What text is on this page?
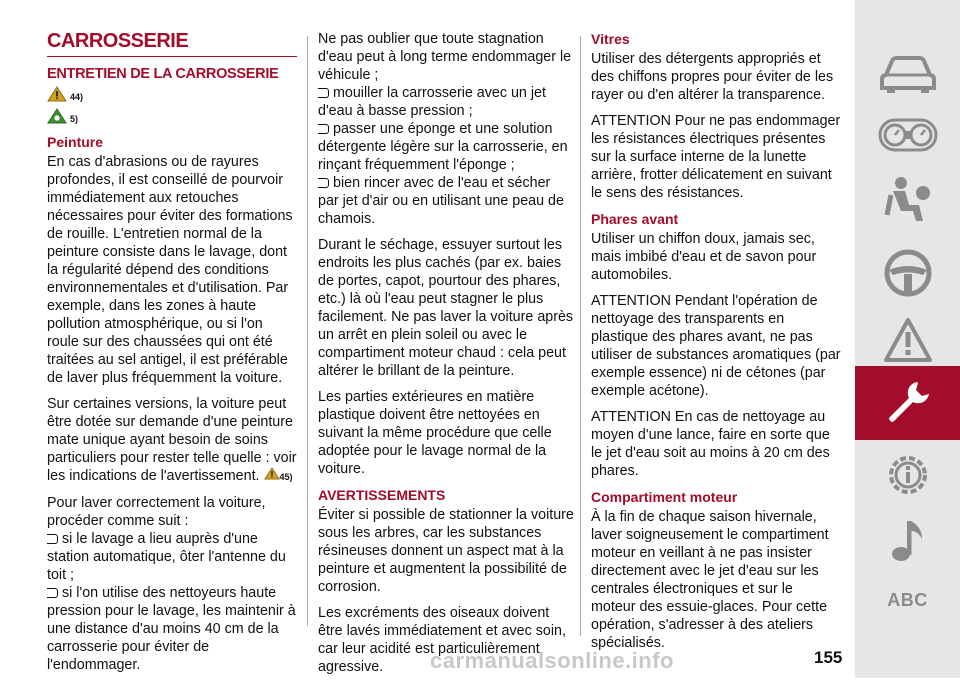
CARROSSERIE
ENTRETIEN DE LA CARROSSERIE
44)
5)
Peinture

En cas d'abrasions ou de rayures profondes, il est conseillé de pourvoir immédiatement aux retouches nécessaires pour éviter des formations de rouille. L'entretien normal de la peinture consiste dans le lavage, dont la régularité dépend des conditions environnementales et d'utilisation. Par exemple, dans les zones à haute pollution atmosphérique, ou si l'on roule sur des chaussées qui ont été traitées au sel antigel, il est préférable de laver plus fréquemment la voiture.

Sur certaines versions, la voiture peut être dotée sur demande d'une peinture mate unique ayant besoin de soins particuliers pour rester telle quelle : voir les indications de l'avertissement. 45)

Pour laver correctement la voiture, procéder comme suit :

si le lavage a lieu auprès d'une station automatique, ôter l'antenne du toit ;
si l'on utilise des nettoyeurs haute pression pour le lavage, les maintenir à une distance d'au moins 40 cm de la carrosserie pour éviter de l'endommager.

Ne pas oublier que toute stagnation d'eau peut à long terme endommager le véhicule ;

mouiller la carrosserie avec un jet d'eau à basse pression ;
passer une éponge et une solution détergente légère sur la carrosserie, en rinçant fréquemment l'éponge ;
bien rincer avec de l'eau et sécher par jet d'air ou en utilisant une peau de chamois.

Durant le séchage, essuyer surtout les endroits les plus cachés (par ex. baies de portes, capot, pourtour des phares, etc.) là où l'eau peut stagner le plus facilement. Ne pas laver la voiture après un arrêt en plein soleil ou avec le compartiment moteur chaud : cela peut altérer le brillant de la peinture.

Les parties extérieures en matière plastique doivent être nettoyées en suivant la même procédure que celle adoptée pour le lavage normal de la voiture.

AVERTISSEMENTS

Éviter si possible de stationner la voiture sous les arbres, car les substances résineuses donnent un aspect mat à la peinture et augmentent la possibilité de corrosion.

Les excréments des oiseaux doivent être lavés immédiatement et avec soin, car leur acidité est particulièrement agressive.

Vitres

Utiliser des détergents appropriés et des chiffons propres pour éviter de les rayer ou d'en altérer la transparence.

ATTENTION Pour ne pas endommager les résistances électriques présentes sur la surface interne de la lunette arrière, frotter délicatement en suivant le sens des résistances.

Phares avant

Utiliser un chiffon doux, jamais sec, mais imbibé d'eau et de savon pour automobiles.

ATTENTION Pendant l'opération de nettoyage des transparents en plastique des phares avant, ne pas utiliser de substances aromatiques (par exemple essence) ni de cétones (par exemple acétone).

ATTENTION En cas de nettoyage au moyen d'une lance, faire en sorte que le jet d'eau soit au moins à 20 cm des phares.

Compartiment moteur

À la fin de chaque saison hivernale, laver soigneusement le compartiment moteur en veillant à ne pas insister directement avec le jet d'eau sur les centrales électroniques et sur le moteur des essuie-glaces. Pour cette opération, s'adresser à des ateliers spécialisés.

ABC
carmanualsonline.info	155
